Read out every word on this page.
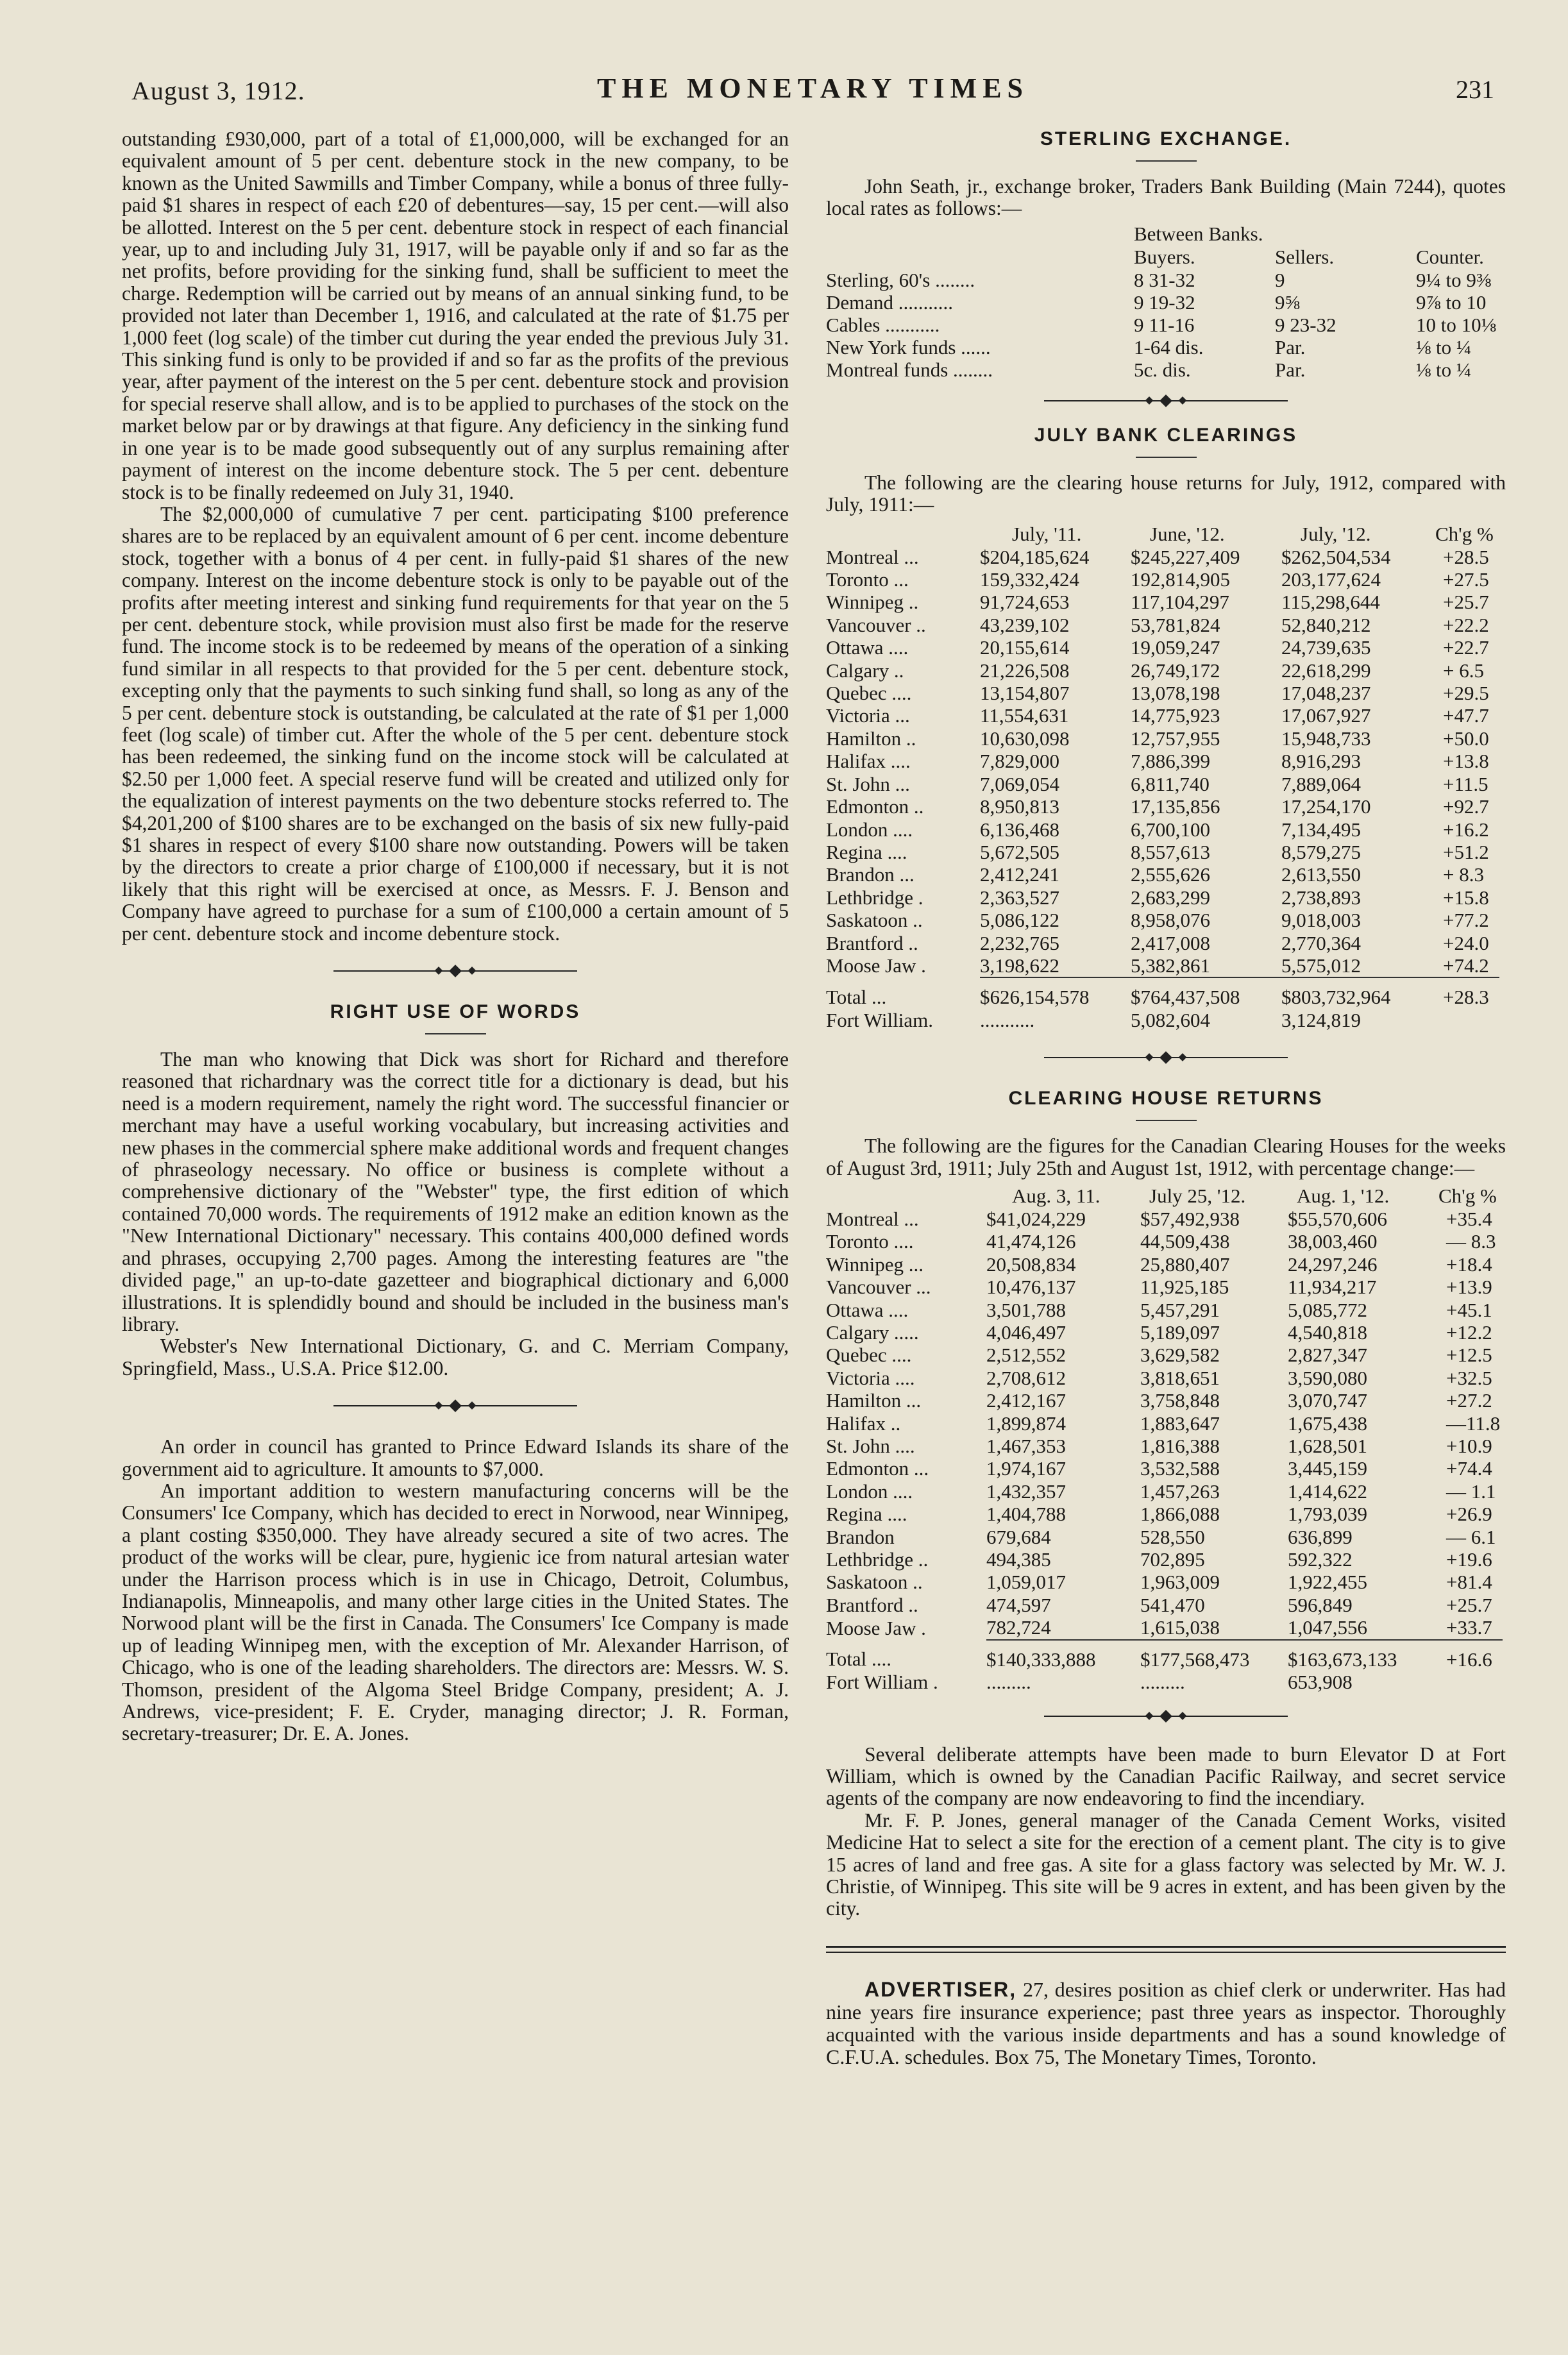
August 3, 1912.	THE MONETARY TIMES	231

outstanding £930,000, part of a total of £1,000,000, will be exchanged for an equivalent amount of 5 per cent. debenture stock in the new company, to be known as the United Sawmills and Timber Company, while a bonus of three fully-paid $1 shares in respect of each £20 of debentures—say, 15 per cent.—will also be allotted. Interest on the 5 per cent. debenture stock in respect of each financial year, up to and including July 31, 1917, will be payable only if and so far as the net profits, before providing for the sinking fund, shall be sufficient to meet the charge. Redemption will be carried out by means of an annual sinking fund, to be provided not later than December 1, 1916, and calculated at the rate of $1.75 per 1,000 feet (log scale) of the timber cut during the year ended the previous July 31. This sinking fund is only to be provided if and so far as the profits of the previous year, after payment of the interest on the 5 per cent. debenture stock and provision for special reserve shall allow, and is to be applied to purchases of the stock on the market below par or by drawings at that figure. Any deficiency in the sinking fund in one year is to be made good subsequently out of any surplus remaining after payment of interest on the income debenture stock. The 5 per cent. debenture stock is to be finally redeemed on July 31, 1940.

The $2,000,000 of cumulative 7 per cent. participating $100 preference shares are to be replaced by an equivalent amount of 6 per cent. income debenture stock, together with a bonus of 4 per cent. in fully-paid $1 shares of the new company. Interest on the income debenture stock is only to be payable out of the profits after meeting interest and sinking fund requirements for that year on the 5 per cent. debenture stock, while provision must also first be made for the reserve fund. The income stock is to be redeemed by means of the operation of a sinking fund similar in all respects to that provided for the 5 per cent. debenture stock, excepting only that the payments to such sinking fund shall, so long as any of the 5 per cent. debenture stock is outstanding, be calculated at the rate of $1 per 1,000 feet (log scale) of timber cut. After the whole of the 5 per cent. debenture stock has been redeemed, the sinking fund on the income stock will be calculated at $2.50 per 1,000 feet. A special reserve fund will be created and utilized only for the equalization of interest payments on the two debenture stocks referred to. The $4,201,200 of $100 shares are to be exchanged on the basis of six new fully-paid $1 shares in respect of every $100 share now outstanding. Powers will be taken by the directors to create a prior charge of £100,000 if necessary, but it is not likely that this right will be exercised at once, as Messrs. F. J. Benson and Company have agreed to purchase for a sum of £100,000 a certain amount of 5 per cent. debenture stock and income debenture stock.

RIGHT USE OF WORDS

The man who knowing that Dick was short for Richard and therefore reasoned that richardnary was the correct title for a dictionary is dead, but his need is a modern requirement, namely the right word. The successful financier or merchant may have a useful working vocabulary, but increasing activities and new phases in the commercial sphere make additional words and frequent changes of phraseology necessary. No office or business is complete without a comprehensive dictionary of the "Webster" type, the first edition of which contained 70,000 words. The requirements of 1912 make an edition known as the "New International Dictionary" necessary. This contains 400,000 defined words and phrases, occupying 2,700 pages. Among the interesting features are "the divided page," an up-to-date gazetteer and biographical dictionary and 6,000 illustrations. It is splendidly bound and should be included in the business man's library.

Webster's New International Dictionary, G. and C. Merriam Company, Springfield, Mass., U.S.A. Price $12.00.

An order in council has granted to Prince Edward Islands its share of the government aid to agriculture. It amounts to $7,000.

An important addition to western manufacturing concerns will be the Consumers' Ice Company, which has decided to erect in Norwood, near Winnipeg, a plant costing $350,000. They have already secured a site of two acres. The product of the works will be clear, pure, hygienic ice from natural artesian water under the Harrison process which is in use in Chicago, Detroit, Columbus, Indianapolis, Minneapolis, and many other large cities in the United States. The Norwood plant will be the first in Canada. The Consumers' Ice Company is made up of leading Winnipeg men, with the exception of Mr. Alexander Harrison, of Chicago, who is one of the leading shareholders. The directors are: Messrs. W. S. Thomson, president of the Algoma Steel Bridge Company, president; A. J. Andrews, vice-president; F. E. Cryder, managing director; J. R. Forman, secretary-treasurer; Dr. E. A. Jones.

STERLING EXCHANGE.

John Seath, jr., exchange broker, Traders Bank Building (Main 7244), quotes local rates as follows:—

	Between Banks.		
	Buyers.	Sellers.	Counter.
Sterling, 60's ........	8 31-32	9	9¼ to 9⅜
Demand ...........	9 19-32	9⅝	9⅞ to 10
Cables ...........	9 11-16	9 23-32	10 to 10⅛
New York funds ......	1-64 dis.	Par.	⅛ to ¼
Montreal funds ........	5c. dis.	Par.	⅛ to ¼
JULY BANK CLEARINGS

The following are the clearing house returns for July, 1912, compared with July, 1911:—

	July, '11.	June, '12.	July, '12.	Ch'g %
Montreal ...	$204,185,624	$245,227,409	$262,504,534	+28.5
Toronto ...	159,332,424	192,814,905	203,177,624	+27.5
Winnipeg ..	91,724,653	117,104,297	115,298,644	+25.7
Vancouver ..	43,239,102	53,781,824	52,840,212	+22.2
Ottawa ....	20,155,614	19,059,247	24,739,635	+22.7
Calgary ..	21,226,508	26,749,172	22,618,299	+ 6.5
Quebec ....	13,154,807	13,078,198	17,048,237	+29.5
Victoria ...	11,554,631	14,775,923	17,067,927	+47.7
Hamilton ..	10,630,098	12,757,955	15,948,733	+50.0
Halifax ....	7,829,000	7,886,399	8,916,293	+13.8
St. John ...	7,069,054	6,811,740	7,889,064	+11.5
Edmonton ..	8,950,813	17,135,856	17,254,170	+92.7
London ....	6,136,468	6,700,100	7,134,495	+16.2
Regina ....	5,672,505	8,557,613	8,579,275	+51.2
Brandon ...	2,412,241	2,555,626	2,613,550	+ 8.3
Lethbridge .	2,363,527	2,683,299	2,738,893	+15.8
Saskatoon ..	5,086,122	8,958,076	9,018,003	+77.2
Brantford ..	2,232,765	2,417,008	2,770,364	+24.0
Moose Jaw .	3,198,622	5,382,861	5,575,012	+74.2
Total ...	$626,154,578	$764,437,508	$803,732,964	+28.3
Fort William.	...........	5,082,604	3,124,819	
CLEARING HOUSE RETURNS

The following are the figures for the Canadian Clearing Houses for the weeks of August 3rd, 1911; July 25th and August 1st, 1912, with percentage change:—

	Aug. 3, 11.	July 25, '12.	Aug. 1, '12.	Ch'g %
Montreal ...	$41,024,229	$57,492,938	$55,570,606	+35.4
Toronto ....	41,474,126	44,509,438	38,003,460	— 8.3
Winnipeg ...	20,508,834	25,880,407	24,297,246	+18.4
Vancouver ...	10,476,137	11,925,185	11,934,217	+13.9
Ottawa ....	3,501,788	5,457,291	5,085,772	+45.1
Calgary .....	4,046,497	5,189,097	4,540,818	+12.2
Quebec ....	2,512,552	3,629,582	2,827,347	+12.5
Victoria ....	2,708,612	3,818,651	3,590,080	+32.5
Hamilton ...	2,412,167	3,758,848	3,070,747	+27.2
Halifax ..	1,899,874	1,883,647	1,675,438	—11.8
St. John ....	1,467,353	1,816,388	1,628,501	+10.9
Edmonton ...	1,974,167	3,532,588	3,445,159	+74.4
London ....	1,432,357	1,457,263	1,414,622	— 1.1
Regina ....	1,404,788	1,866,088	1,793,039	+26.9
Brandon	679,684	528,550	636,899	— 6.1
Lethbridge ..	494,385	702,895	592,322	+19.6
Saskatoon ..	1,059,017	1,963,009	1,922,455	+81.4
Brantford ..	474,597	541,470	596,849	+25.7
Moose Jaw .	782,724	1,615,038	1,047,556	+33.7
Total ....	$140,333,888	$177,568,473	$163,673,133	+16.6
Fort William .	.........	.........	653,908	

Several deliberate attempts have been made to burn Elevator D at Fort William, which is owned by the Canadian Pacific Railway, and secret service agents of the company are now endeavoring to find the incendiary.

Mr. F. P. Jones, general manager of the Canada Cement Works, visited Medicine Hat to select a site for the erection of a cement plant. The city is to give 15 acres of land and free gas. A site for a glass factory was selected by Mr. W. J. Christie, of Winnipeg. This site will be 9 acres in extent, and has been given by the city.

ADVERTISER, 27, desires position as chief clerk or underwriter. Has had nine years fire insurance experience; past three years as inspector. Thoroughly acquainted with the various inside departments and has a sound knowledge of C.F.U.A. schedules. Box 75, The Monetary Times, Toronto.
